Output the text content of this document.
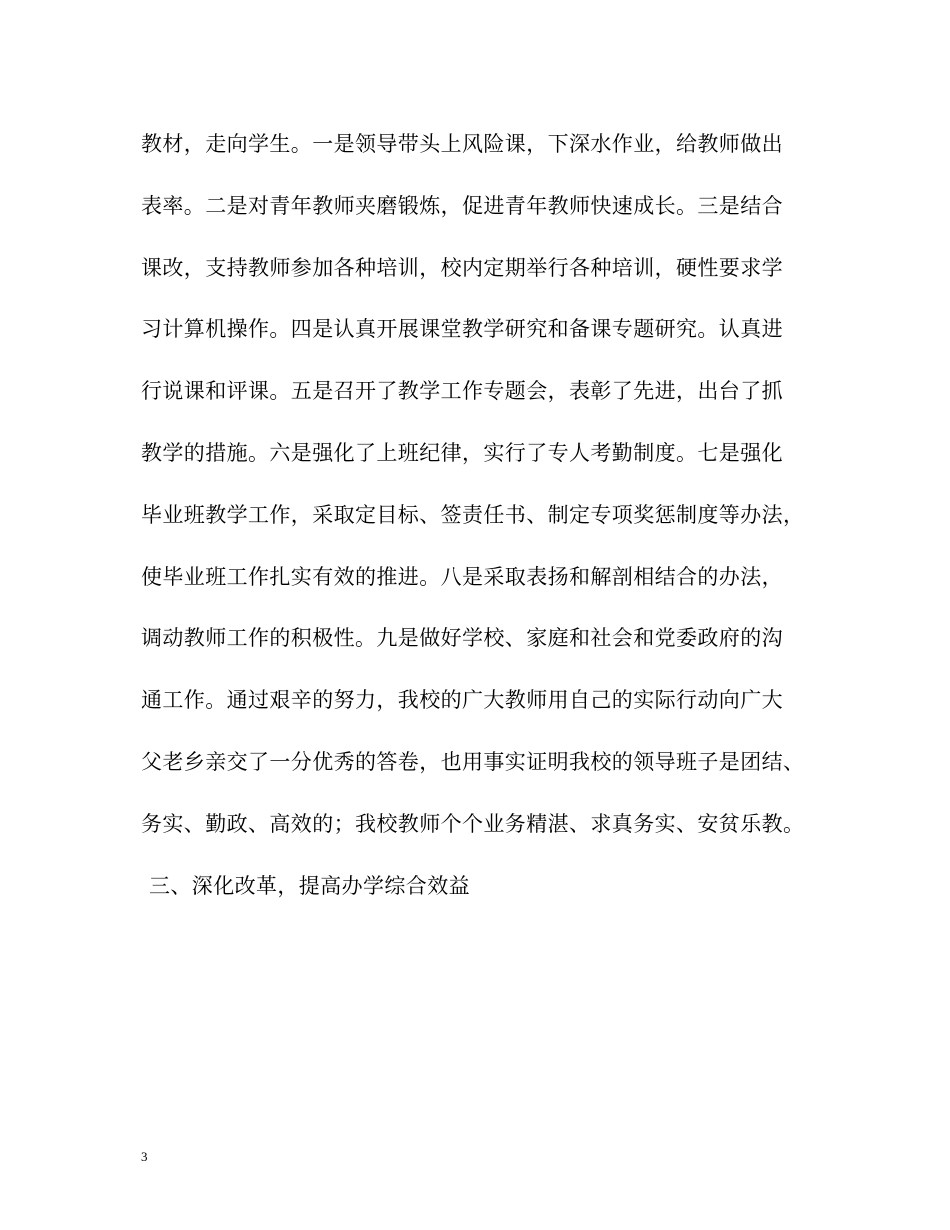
教材，走向学生。一是领导带头上风险课，下深水作业，给教师做出
表率。二是对青年教师夹磨锻炼，促进青年教师快速成长。三是结合
课改，支持教师参加各种培训，校内定期举行各种培训，硬性要求学
习计算机操作。四是认真开展课堂教学研究和备课专题研究。认真进
行说课和评课。五是召开了教学工作专题会，表彰了先进，出台了抓
教学的措施。六是强化了上班纪律，实行了专人考勤制度。七是强化
毕业班教学工作，采取定目标、签责任书、制定专项奖惩制度等办法，
使毕业班工作扎实有效的推进。八是采取表扬和解剖相结合的办法，
调动教师工作的积极性。九是做好学校、家庭和社会和党委政府的沟
通工作。通过艰辛的努力，我校的广大教师用自己的实际行动向广大
父老乡亲交了一分优秀的答卷，也用事实证明我校的领导班子是团结、
务实、勤政、高效的；我校教师个个业务精湛、求真务实、安贫乐教。
三、深化改革，提高办学综合效益
3
